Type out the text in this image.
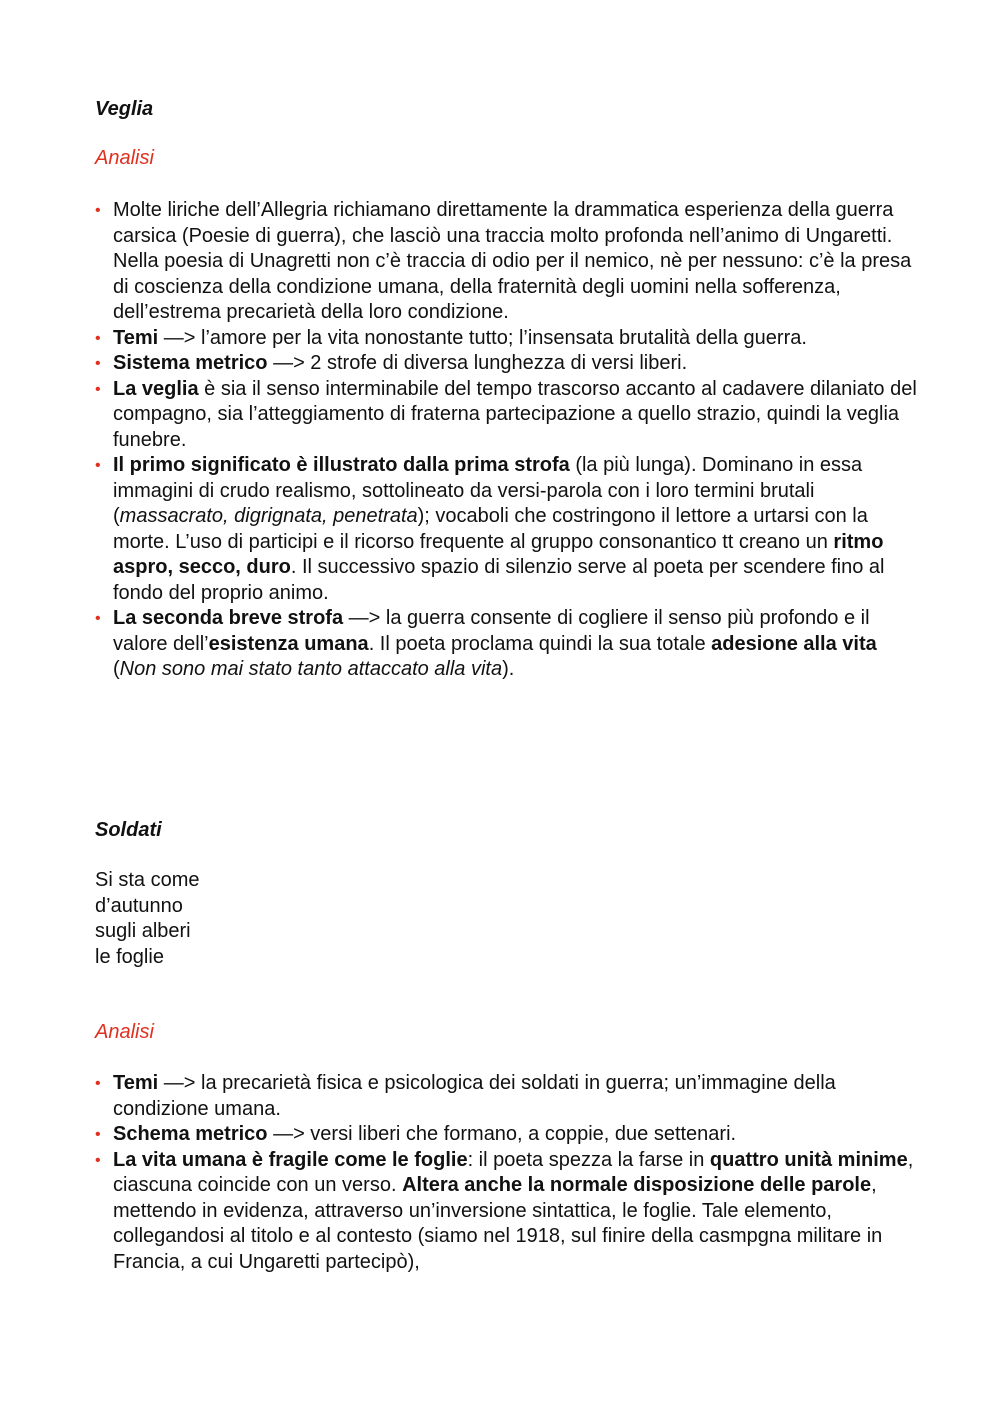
Veglia
Analisi
• Molte liriche dell’Allegria richiamano direttamente la drammatica esperienza della guerra carsica (Poesie di guerra), che lasciò una traccia molto profonda nell’animo di Ungaretti. Nella poesia di Unagretti non c’è traccia di odio per il nemico, nè per nessuno: c’è la presa di coscienza della condizione umana, della fraternità degli uomini nella sofferenza, dell’estrema precarietà della loro condizione.
• Temi —> l’amore per la vita nonostante tutto; l’insensata brutalità della guerra.
• Sistema metrico —> 2 strofe di diversa lunghezza di versi liberi.
• La veglia è sia il senso interminabile del tempo trascorso accanto al cadavere dilaniato del compagno, sia l’atteggiamento di fraterna partecipazione a quello strazio, quindi la veglia funebre.
• Il primo significato è illustrato dalla prima strofa (la più lunga). Dominano in essa immagini di crudo realismo, sottolineato da versi-parola con i loro termini brutali (massacrato, digrignata, penetrata); vocaboli che costringono il lettore a urtarsi con la morte. L’uso di participi e il ricorso frequente al gruppo consonantico tt creano un ritmo aspro, secco, duro. Il successivo spazio di silenzio serve al poeta per scendere fino al fondo del proprio animo.
• La seconda breve strofa —> la guerra consente di cogliere il senso più profondo e il valore dell’esistenza umana. Il poeta proclama quindi la sua totale adesione alla vita (Non sono mai stato tanto attaccato alla vita).
Soldati
Si sta come
d’autunno
sugli alberi
le foglie
Analisi
• Temi —> la precarietà fisica e psicologica dei soldati in guerra; un’immagine della condizione umana.
• Schema metrico —> versi liberi che formano, a coppie, due settenari.
• La vita umana è fragile come le foglie: il poeta spezza la farse in quattro unità minime, ciascuna coincide con un verso. Altera anche la normale disposizione delle parole, mettendo in evidenza, attraverso un’inversione sintattica, le foglie. Tale elemento, collegandosi al titolo e al contesto (siamo nel 1918, sul finire della casmpgna militare in Francia, a cui Ungaretti partecipò),
